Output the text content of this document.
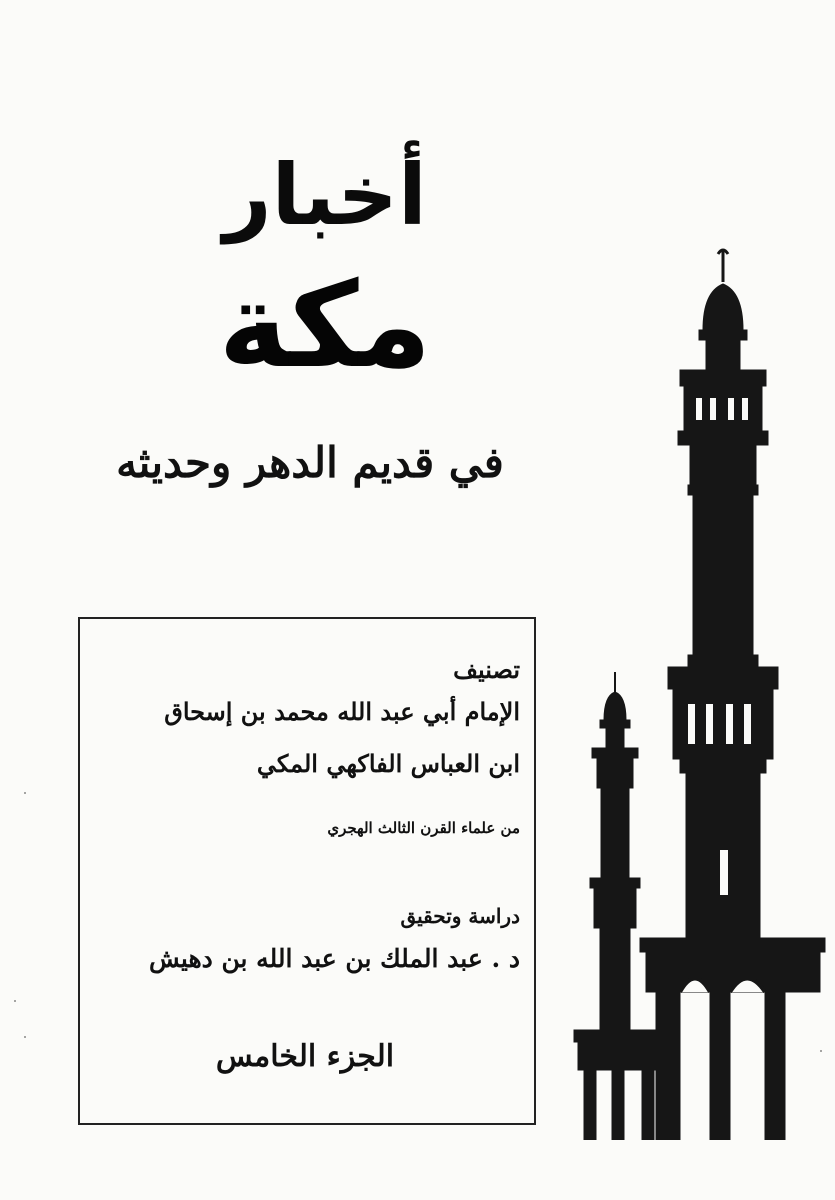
أخبار
مكة
في قديم الدهر وحديثه
تصنيف
الإمام أبي عبد الله محمد بن إسحاق
ابن العباس الفاكهي المكي
من علماء القرن الثالث الهجري
دراسة وتحقيق
د . عبد الملك بن عبد الله بن دهيش
الجزء الخامس
